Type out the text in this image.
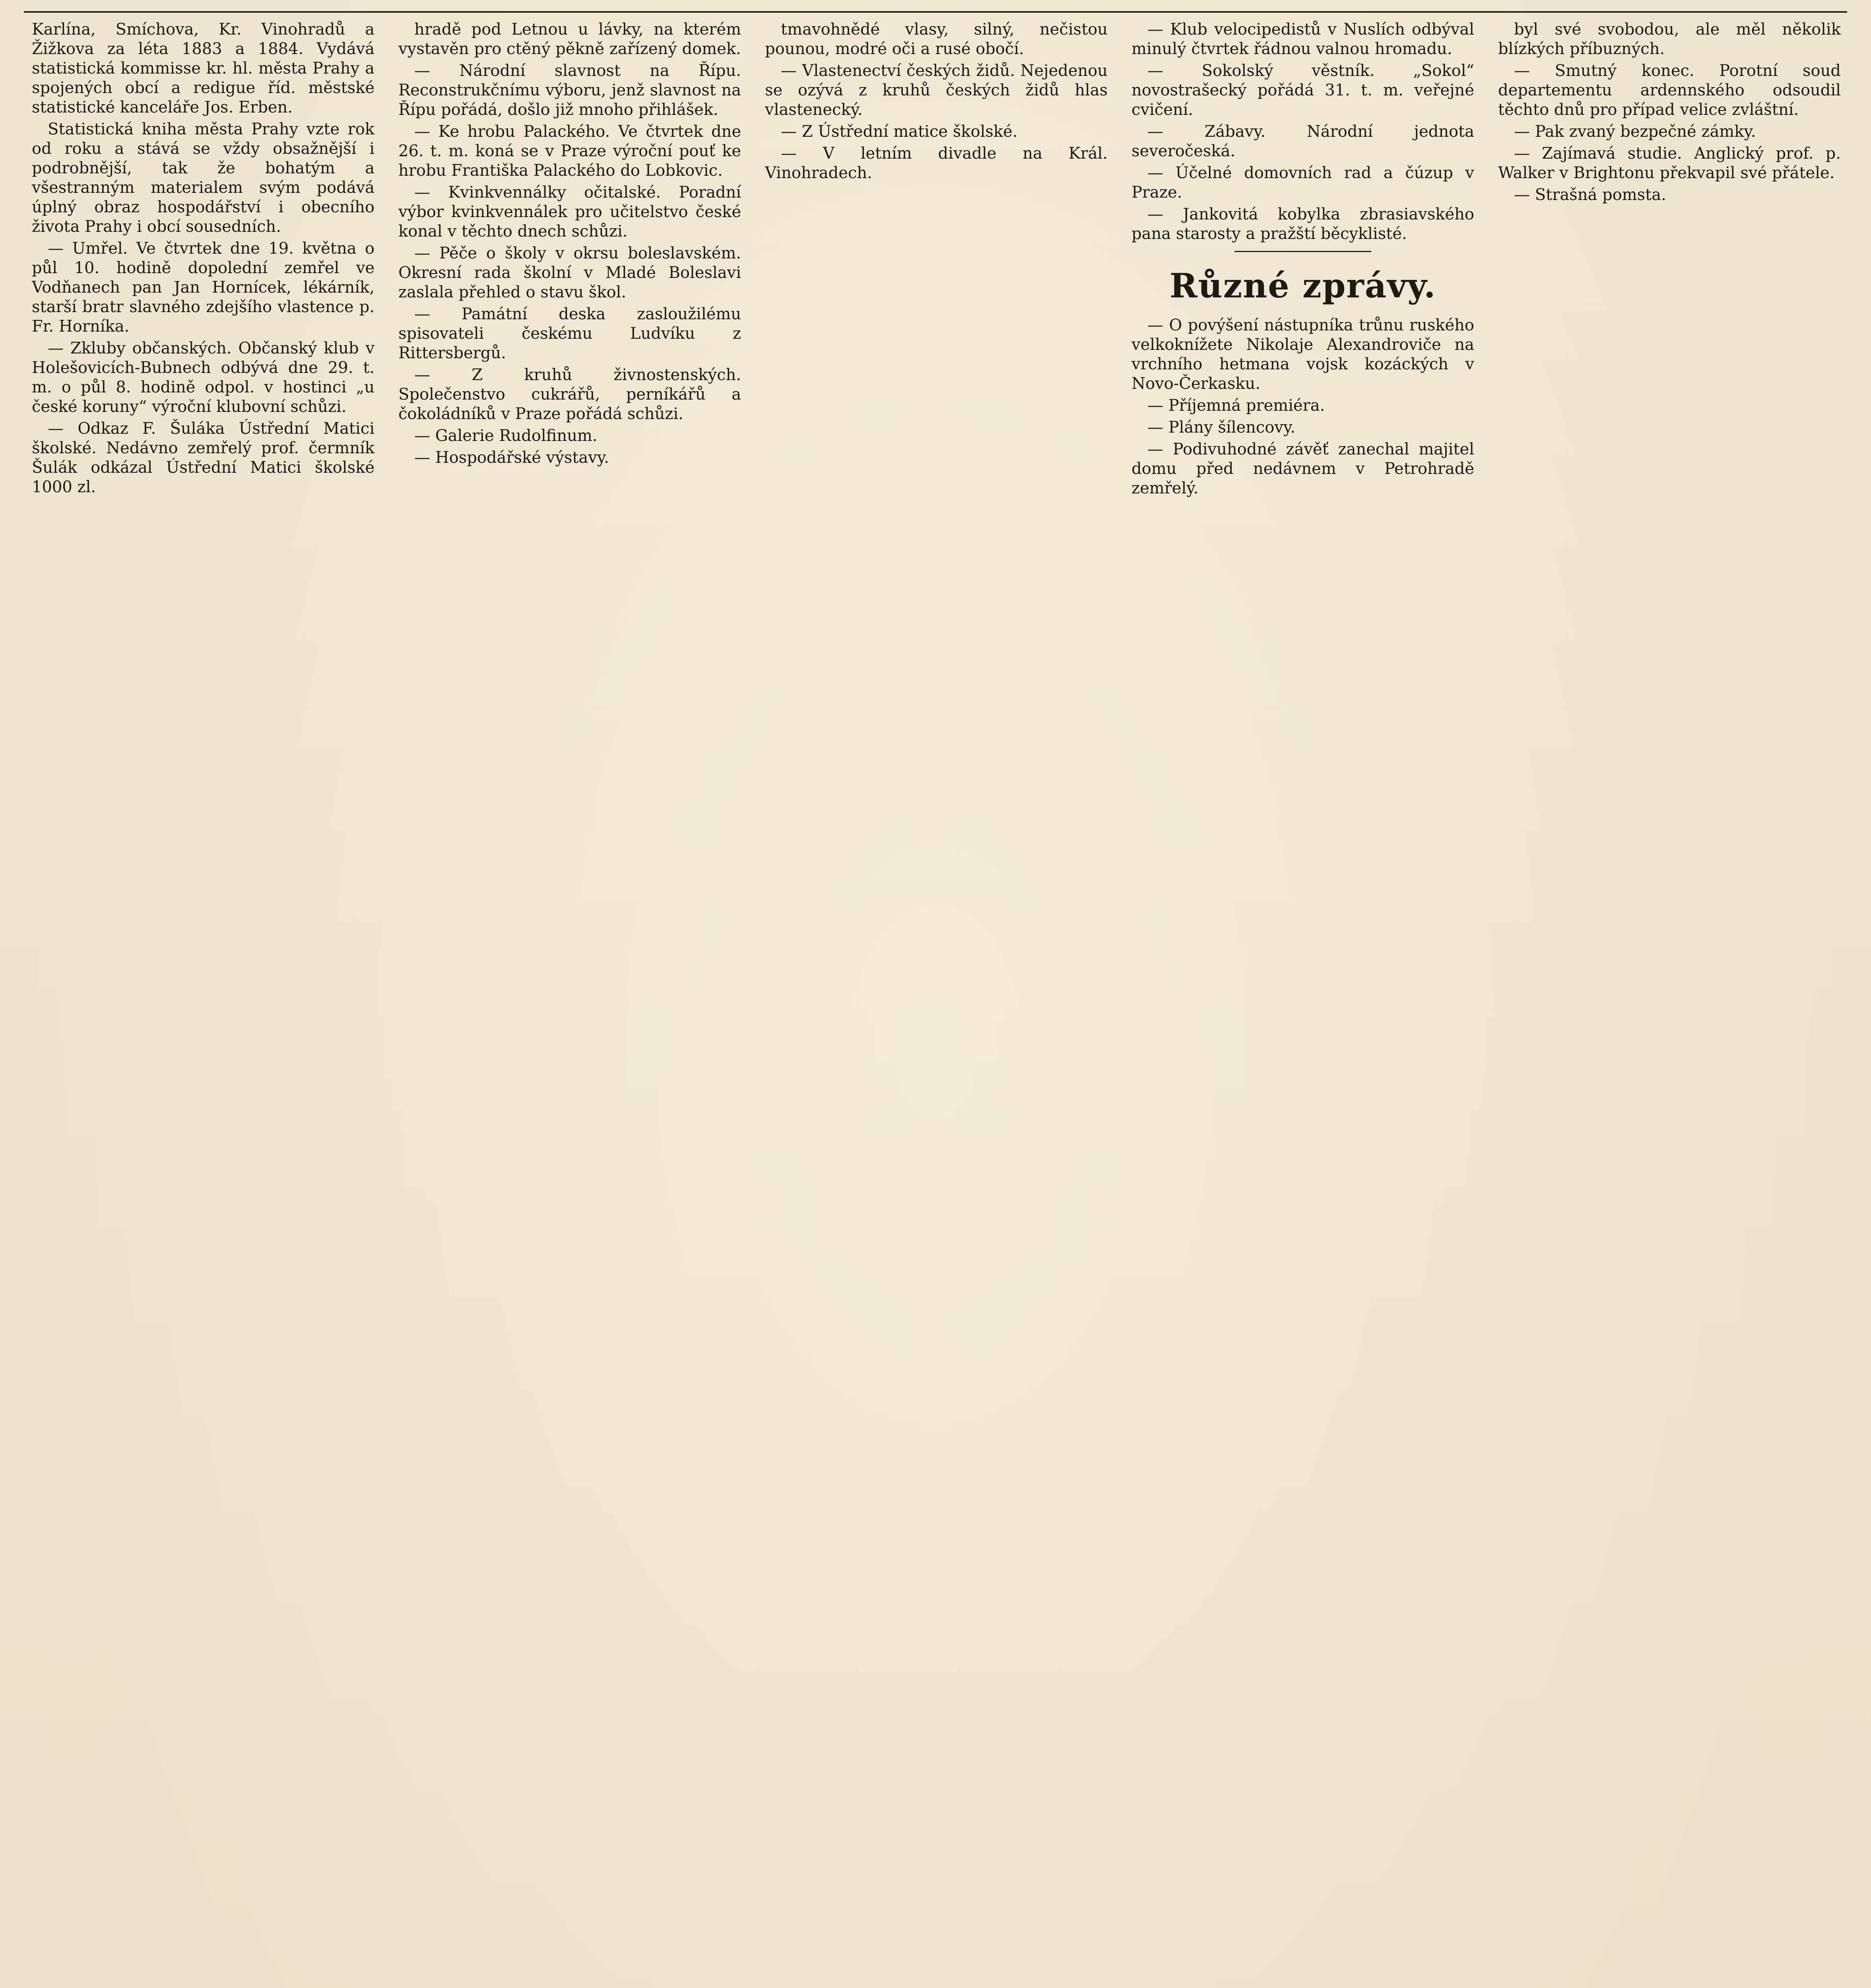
Karlína, Smíchova, Kr. Vinohradů a Žižkova za léta 1883 a 1884. Vydává statistická kommisse kr. hl. města Prahy a spojených obcí a redigue říd. městské statistické kanceláře Jos. Erben.

Statistická kniha města Prahy vzte rok od roku a stává se vždy obsažnější i podrobnější, tak že bohatým a všestranným materialem svým podává úplný obraz hospodářství i obecního života Prahy i obcí sousedních.

— Umřel. Ve čtvrtek dne 19. května o půl 10. hodině dopolední zemřel ve Vodňanech pan Jan Hornícek, lékárník, starší bratr slavného zdejšího vlastence p. Fr. Horníka.

— Zkluby občanských. Občanský klub v Holešovicích-Bubnech odbývá dne 29. t. m. o půl 8. hodině odpol. v hostinci „u české koruny“ výroční klubovní schůzi.

— Odkaz F. Šuláka Ústřední Matici školské. Nedávno zemřelý prof. čermník Šulák odkázal Ústřední Matici školské 1000 zl.

hradě pod Letnou u lávky, na kterém vystavěn pro ctěný pěkně zařízený domek.

— Národní slavnost na Řípu. Reconstrukčnímu výboru, jenž slavnost na Řípu pořádá, došlo již mnoho přihlášek.

— Ke hrobu Palackého. Ve čtvrtek dne 26. t. m. koná se v Praze výroční pouť ke hrobu Františka Palackého do Lobkovic.

— Kvinkvennálky očitalské. Poradní výbor kvinkvennálek pro učitelstvo české konal v těchto dnech schůzi.

— Pěče o školy v okrsu boleslavském. Okresní rada školní v Mladé Boleslavi zaslala přehled o stavu škol.

— Památní deska zasloužilému spisovateli českému Ludvíku z Rittersbergů.

— Z kruhů živnostenských. Společenstvo cukrářů, perníkářů a čokoládníků v Praze pořádá schůzi.

— Galerie Rudolfinum.

— Hospodářské výstavy.

tmavohnědé vlasy, silný, nečistou pounou, modré oči a rusé obočí.

— Vlastenectví českých židů. Nejedenou se ozývá z kruhů českých židů hlas vlastenecký.

— Z Ústřední matice školské.

— V letním divadle na Král. Vinohradech.

— Klub velocipedistů v Nuslích odbýval minulý čtvrtek řádnou valnou hromadu.

— Sokolský věstník. „Sokol“ novostrašecký pořádá 31. t. m. veřejné cvičení.

— Zábavy. Národní jednota severočeská.

— Účelné domovních rad a čúzup v Praze.

— Jankovitá kobylka zbrasiavského pana starosty a pražští běcyklisté.

Různé zprávy.

— O povýšení nástupníka trůnu ruského velkoknížete Nikolaje Alexandroviče na vrchního hetmana vojsk kozáckých v Novo-Čerkasku.

— Příjemná premiéra.

— Plány šílencovy.

— Podivuhodné závěť zanechal majitel domu před nedávnem v Petrohradě zemřelý.

byl své svobodou, ale měl několik blízkých příbuzných.

— Smutný konec. Porotní soud departementu ardennského odsoudil těchto dnů pro případ velice zvláštní.

— Pak zvaný bezpečné zámky.

— Zajímavá studie. Anglický prof. p. Walker v Brightonu překvapil své přátele.

— Strašná pomsta.
